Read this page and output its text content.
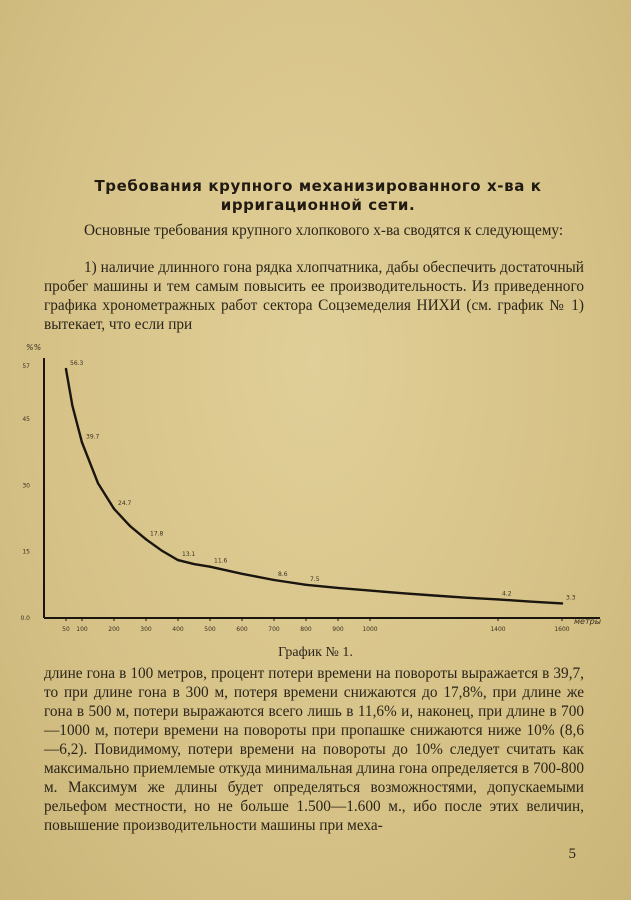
Требования крупного механизированного х-ва к ирригационной сети.
Основные требования крупного хлопкового х-ва сводятся к следующему:
1) наличие длинного гона рядка хлопчатника, дабы обеспечить достаточный пробег машины и тем самым повысить ее производительность. Из приведенного графика хронометражных работ сектора Соцземеделия НИХИ (см. график № 1) вытекает, что если при
%%
метры
0.0
15
30
45
57
50 100	200	300	400	500	600	700	800	900	1000	1400	1600
56.3
39.7
24.7
17.8
13.1
11.6
8.6
7.5
4.2
3.3
График № 1.
длине гона в 100 метров, процент потери времени на повороты выражается в 39,7, то при длине гона в 300 м, потеря времени снижаются до 17,8%, при длине же гона в 500 м, потери выражаются всего лишь в 11,6% и, наконец, при длине в 700—1000 м, потери времени на повороты при пропашке снижаются ниже 10% (8,6—6,2). Повидимому, потери времени на повороты до 10% следует считать как максимально приемлемые откуда минимальная длина гона определяется в 700-800 м. Максимум же длины будет определяться возможностями, допускаемыми рельефом местности, но не больше 1.500—1.600 м., ибо после этих величин, повышение производительности машины при меха-
5
